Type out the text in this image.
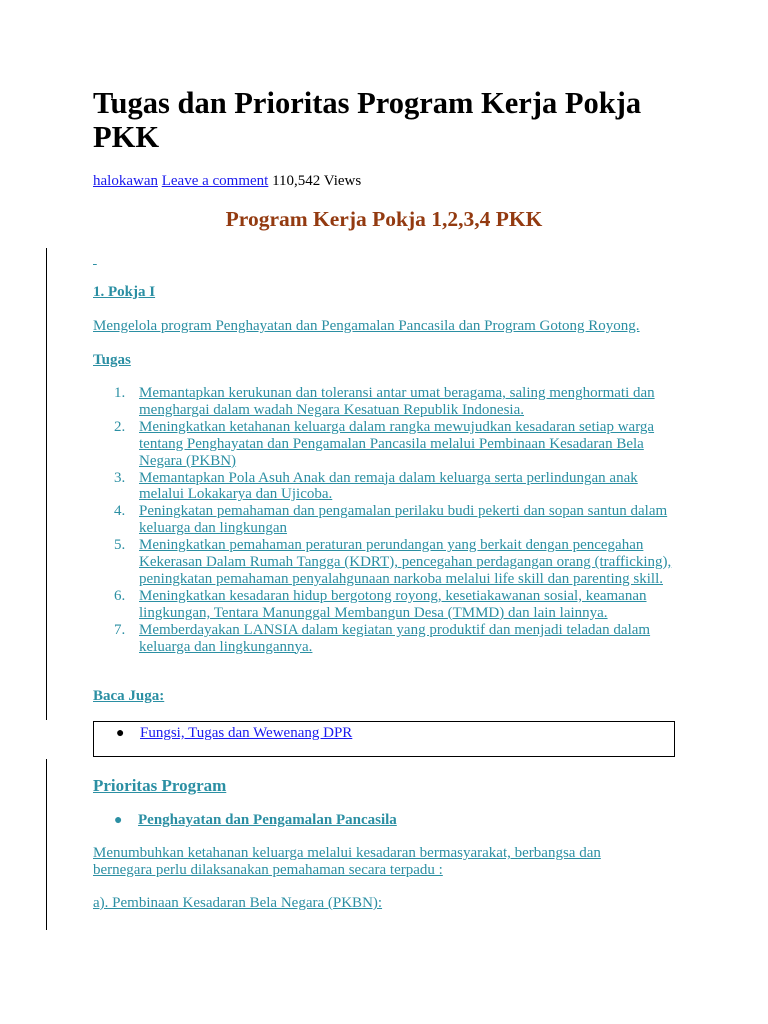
Tugas dan Prioritas Program Kerja Pokja PKK
halokawan Leave a comment 110,542 Views
Program Kerja Pokja 1,2,3,4 PKK

1. Pokja I

Mengelola program Penghayatan dan Pengamalan Pancasila dan Program Gotong Royong.

Tugas

1. Memantapkan kerukunan dan toleransi antar umat beragama, saling menghormati dan menghargai dalam wadah Negara Kesatuan Republik Indonesia.
2. Meningkatkan ketahanan keluarga dalam rangka mewujudkan kesadaran setiap warga tentang Penghayatan dan Pengamalan Pancasila melalui Pembinaan Kesadaran Bela Negara (PKBN)
3. Memantapkan Pola Asuh Anak dan remaja dalam keluarga serta perlindungan anak melalui Lokakarya dan Ujicoba.
4. Peningkatan pemahaman dan pengamalan perilaku budi pekerti dan sopan santun dalam keluarga dan lingkungan
5. Meningkatkan pemahaman peraturan perundangan yang berkait dengan pencegahan Kekerasan Dalam Rumah Tangga (KDRT), pencegahan perdagangan orang (trafficking), peningkatan pemahaman penyalahgunaan narkoba melalui life skill dan parenting skill.
6. Meningkatkan kesadaran hidup bergotong royong, kesetiakawanan sosial, keamanan lingkungan, Tentara Manunggal Membangun Desa (TMMD) dan lain lainnya.
7. Memberdayakan LANSIA dalam kegiatan yang produktif dan menjadi teladan dalam keluarga dan lingkungannya.

Baca Juga:

● Fungsi, Tugas dan Wewenang DPR
Prioritas Program
● Penghayatan dan Pengamalan Pancasila

Menumbuhkan ketahanan keluarga melalui kesadaran bermasyarakat, berbangsa dan bernegara perlu dilaksanakan pemahaman secara terpadu :

a). Pembinaan Kesadaran Bela Negara (PKBN):
